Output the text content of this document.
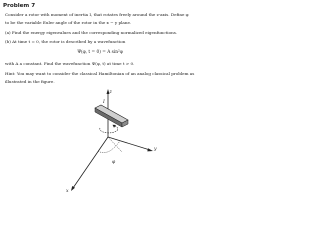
Problem 7
Consider a rotor with moment of inertia I, that rotates freely around the z-axis. Define φ
to be the variable Euler angle of the rotor in the x − y plane.
(a) Find the energy eigenvalues and the corresponding normalized eigenfunctions.
(b) At time t = 0, the rotor is described by a wavefunction
Ψ(φ, t = 0) = A sin²φ
with A a constant. Find the wavefunction Ψ(φ, t) at time t > 0.
Hint: You may want to consider the classical Hamiltonian of an analog classical problem as
illustrated in the figure.
z
y
x
I
φ
